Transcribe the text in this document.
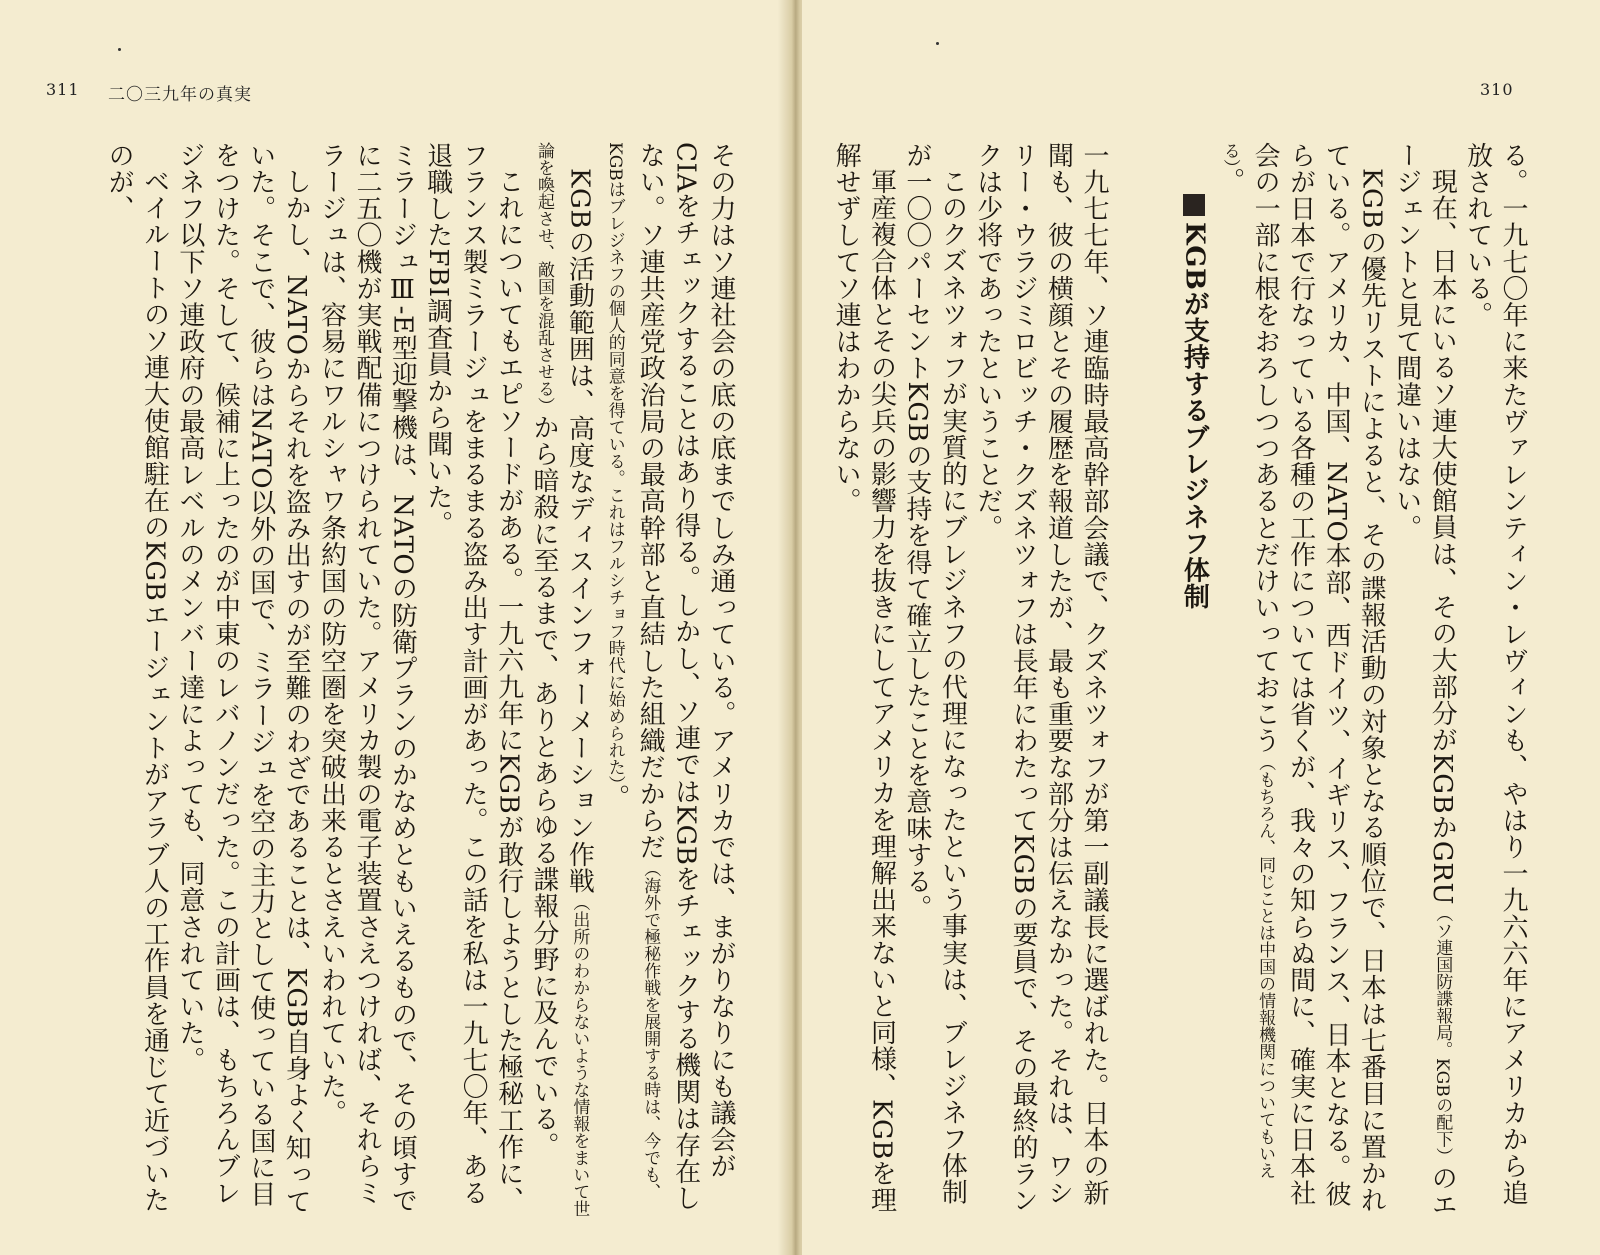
311 二〇三九年の真実

その力はソ連社会の底の底までしみ通っている。アメリカでは、まがりなりにも議会がCIAをチェックすることはあり得る。しかし、ソ連ではKGBをチェックする機関は存在しない。ソ連共産党政治局の最高幹部と直結した組織だからだ（海外で極秘作戦を展開する時は、今でも、KGBはブレジネフの個人的同意を得ている。これはフルシチョフ時代に始められた）。

KGBの活動範囲は、高度なディスインフォーメーション作戦（出所のわからないような情報をまいて世論を喚起させ、敵国を混乱させる）から暗殺に至るまで、ありとあらゆる諜報分野に及んでいる。

これについてもエピソードがある。一九六九年にKGBが敢行しようとした極秘工作に、フランス製ミラージュをまるまる盗み出す計画があった。この話を私は一九七〇年、ある退職したFBI調査員から聞いた。

ミラージュⅢ-E型迎撃機は、NATOの防衛プランのかなめともいえるもので、その頃すでに二五〇機が実戦配備につけられていた。アメリカ製の電子装置さえつければ、それらミラージュは、容易にワルシャワ条約国の防空圏を突破出来るとさえいわれていた。

しかし、NATOからそれを盗み出すのが至難のわざであることは、KGB自身よく知っていた。そこで、彼らはNATO以外の国で、ミラージュを空の主力として使っている国に目をつけた。そして、候補に上ったのが中東のレバノンだった。この計画は、もちろんブレジネフ以下ソ連政府の最高レベルのメンバー達によっても、同意されていた。

ベイルートのソ連大使館駐在のKGBエージェントがアラブ人の工作員を通じて近づいたのが、

310

る。一九七〇年に来たヴァレンティン・レヴィンも、やはり一九六六年にアメリカから追放されている。

現在、日本にいるソ連大使館員は、その大部分がKGBかGRU（ソ連国防諜報局。KGBの配下）のエージェントと見て間違いはない。

KGBの優先リストによると、その諜報活動の対象となる順位で、日本は七番目に置かれている。アメリカ、中国、NATO本部、西ドイツ、イギリス、フランス、日本となる。彼らが日本で行なっている各種の工作については省くが、我々の知らぬ間に、確実に日本社会の一部に根をおろしつつあるとだけいっておこう（もちろん、同じことは中国の情報機関についてもいえる）。

KGBが支持するブレジネフ体制

一九七七年、ソ連臨時最高幹部会議で、クズネツォフが第一副議長に選ばれた。日本の新聞も、彼の横顔とその履歴を報道したが、最も重要な部分は伝えなかった。それは、ワシリー・ウラジミロビッチ・クズネツォフは長年にわたってKGBの要員で、その最終的ランクは少将であったということだ。

このクズネツォフが実質的にブレジネフの代理になったという事実は、ブレジネフ体制が一〇〇パーセントKGBの支持を得て確立したことを意味する。

軍産複合体とその尖兵の影響力を抜きにしてアメリカを理解出来ないと同様、KGBを理解せずしてソ連はわからない。
